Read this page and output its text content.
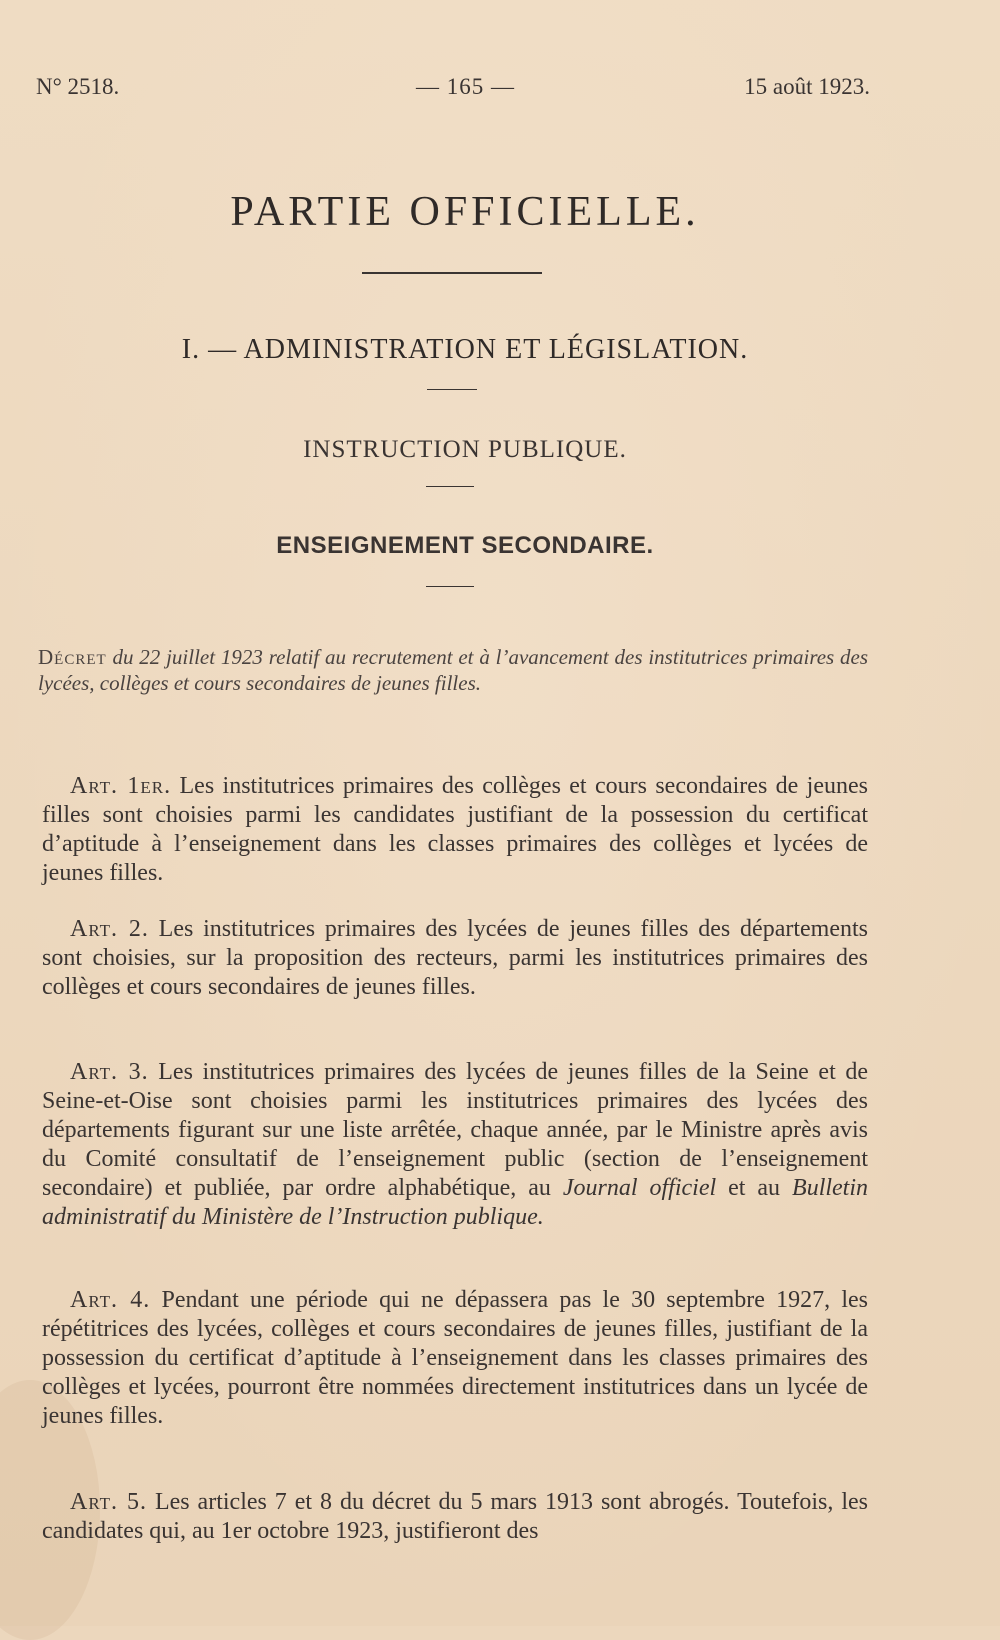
N° 2518.	— 165 —	15 août 1923.
PARTIE OFFICIELLE.
I. — ADMINISTRATION ET LÉGISLATION.
INSTRUCTION PUBLIQUE.
ENSEIGNEMENT SECONDAIRE.
Décret du 22 juillet 1923 relatif au recrutement et à l’avancement des institutrices primaires des lycées, collèges et cours secondaires de jeunes filles.

Art. 1er. Les institutrices primaires des collèges et cours secondaires de jeunes filles sont choisies parmi les candidates justifiant de la possession du certificat d’aptitude à l’enseignement dans les classes primaires des collèges et lycées de jeunes filles.

Art. 2. Les institutrices primaires des lycées de jeunes filles des départements sont choisies, sur la proposition des recteurs, parmi les institutrices primaires des collèges et cours secondaires de jeunes filles.

Art. 3. Les institutrices primaires des lycées de jeunes filles de la Seine et de Seine-et-Oise sont choisies parmi les institutrices primaires des lycées des départements figurant sur une liste arrêtée, chaque année, par le Ministre après avis du Comité consultatif de l’enseignement public (section de l’enseignement secondaire) et publiée, par ordre alphabétique, au Journal officiel et au Bulletin administratif du Ministère de l’Instruction publique.

Art. 4. Pendant une période qui ne dépassera pas le 30 septembre 1927, les répétitrices des lycées, collèges et cours secondaires de jeunes filles, justifiant de la possession du certificat d’aptitude à l’enseignement dans les classes primaires des collèges et lycées, pourront être nommées directement institutrices dans un lycée de jeunes filles.

Art. 5. Les articles 7 et 8 du décret du 5 mars 1913 sont abrogés. Toutefois, les candidates qui, au 1er octobre 1923, justifieront des
